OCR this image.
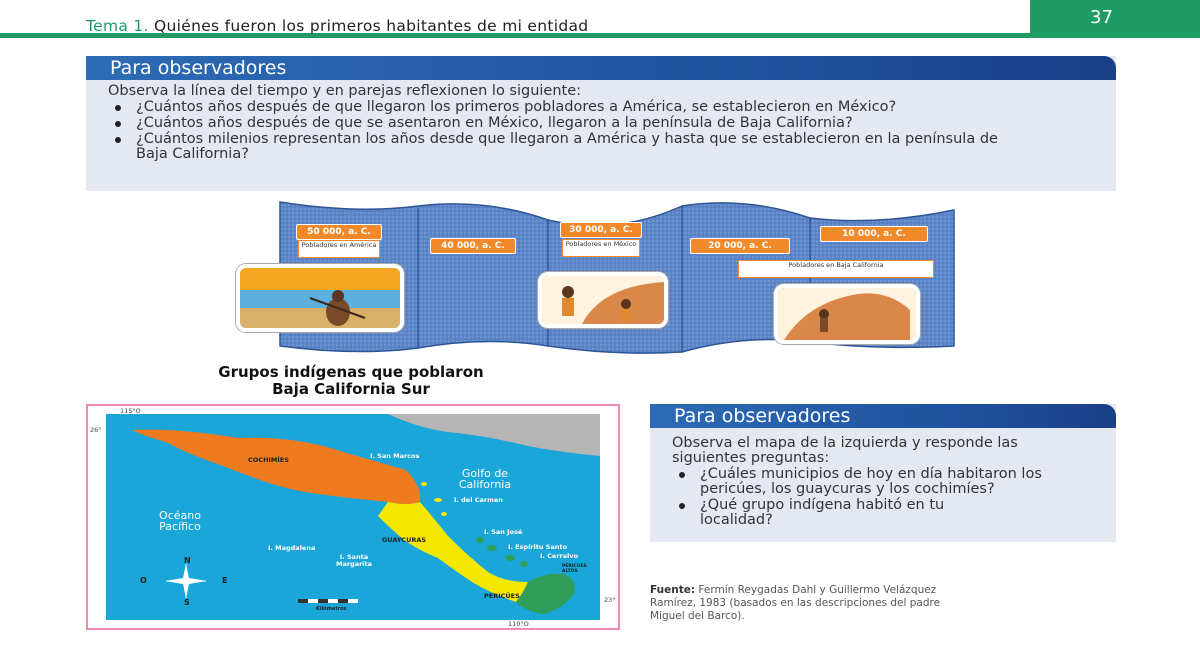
Tema 1. Quiénes fueron los primeros habitantes de mi entidad	37
Para observadores
Observa la línea del tiempo y en parejas reflexionen lo siguiente:
¿Cuántos años después de que llegaron los primeros pobladores a América, se establecieron en México?
¿Cuántos años después de que se asentaron en México, llegaron a la península de Baja California?
¿Cuántos milenios representan los años desde que llegaron a América y hasta que se establecieron en la península de Baja California?
50 000, a. C.
Pobladores en América	40 000, a. C.
30 000, a. C.
Pobladores en México	20 000, a. C.
10 000, a. C.
Pobladores en Baja California
Grupos indígenas que poblaron
Baja California Sur
115°O
110°O
26°
23°
COCHIMÍES
GUAYCURAS
PERICÚES
I. San Marcos
Golfo de California
I. del Carmen
I. San José
I. Espíritu Santo
I. Cerralvo
I. Magdalena
I. Santa Margarita
Océano Pacífico
PERICÚES ALTOS
N
O	E
S
Kilómetros
Para observadores
Observa el mapa de la izquierda y responde las siguientes preguntas:
¿Cuáles municipios de hoy en día habitaron los pericúes, los guaycuras y los cochimíes?
¿Qué grupo indígena habitó en tu localidad?
Fuente: Fermín Reygadas Dahl y Guillermo Velázquez Ramírez, 1983 (basados en las descripciones del padre Miguel del Barco).
